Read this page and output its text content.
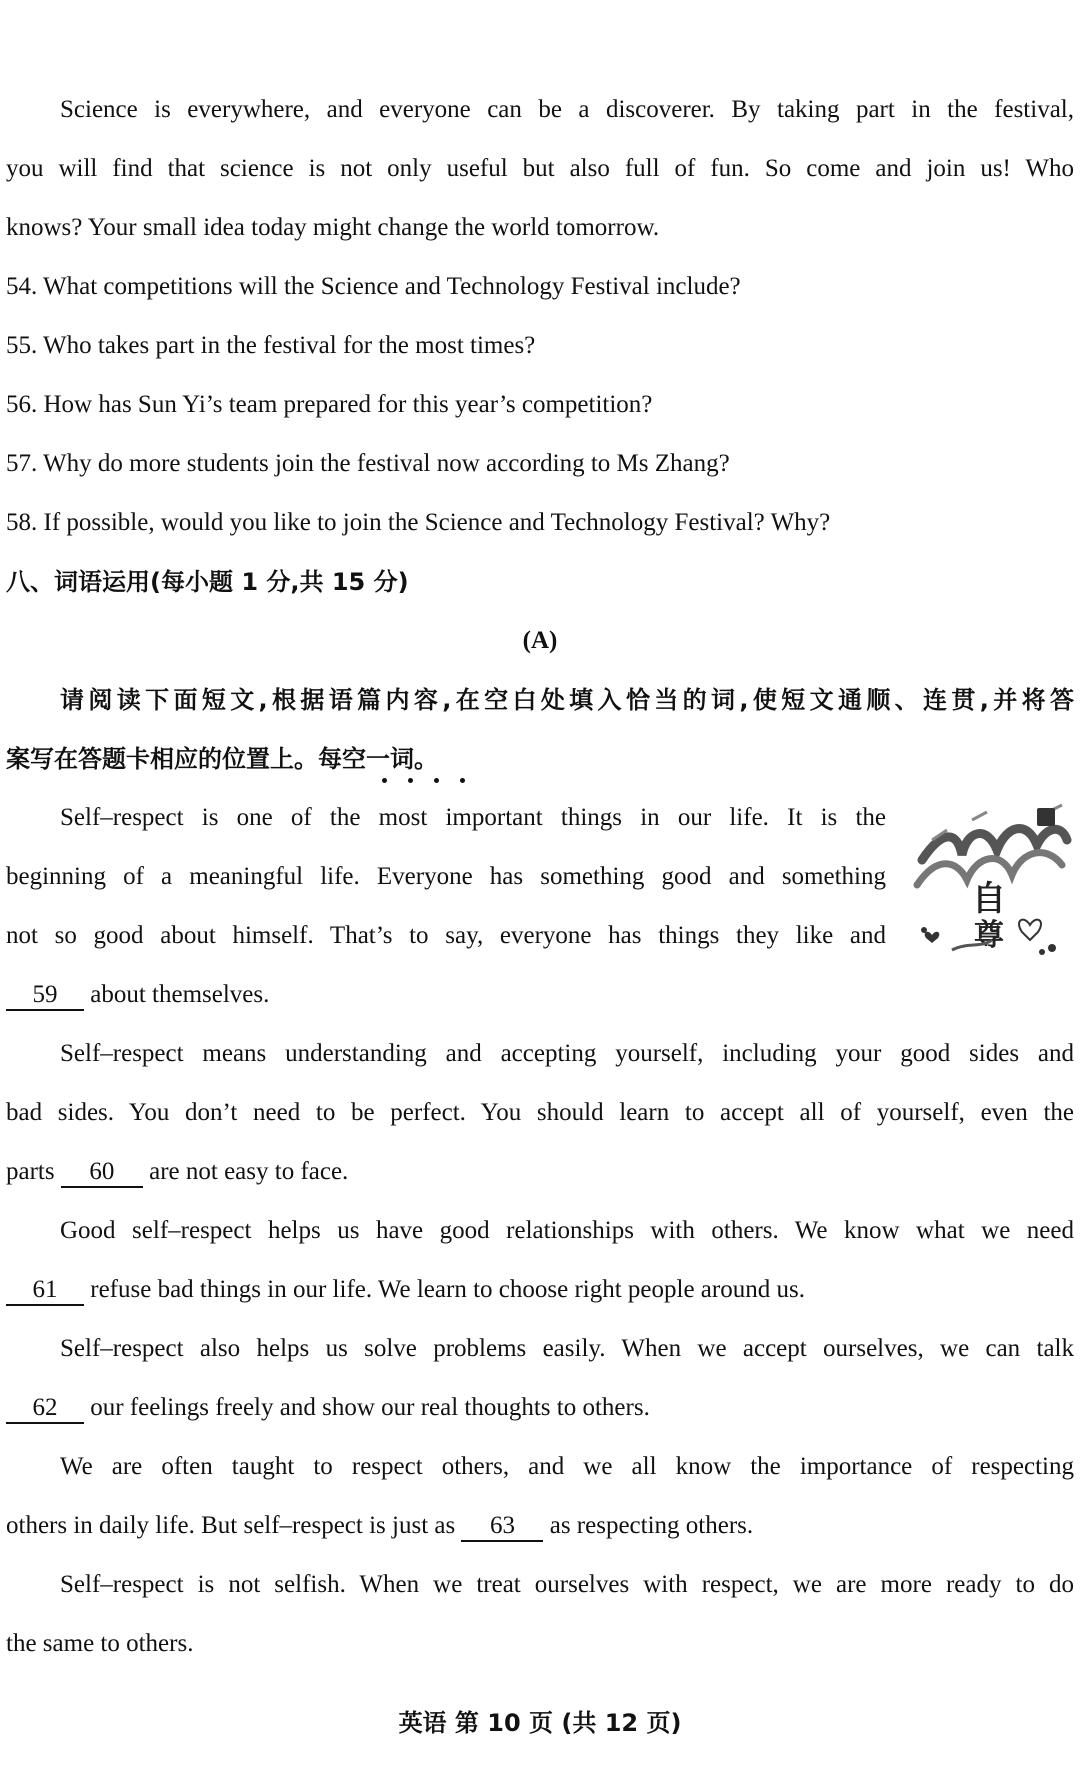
Science is everywhere, and everyone can be a discoverer. By taking part in the festival,
you will find that science is not only useful but also full of fun. So come and join us! Who
knows? Your small idea today might change the world tomorrow.
54. What competitions will the Science and Technology Festival include?
55. Who takes part in the festival for the most times?
56. How has Sun Yi’s team prepared for this year’s competition?
57. Why do more students join the festival now according to Ms Zhang?
58. If possible, would you like to join the Science and Technology Festival? Why?
八、词语运用(每小题 1 分,共 15 分)
(A)
请阅读下面短文,根据语篇内容,在空白处填入恰当的词,使短文通顺、连贯,并将答
案写在答题卡相应的位置上。每空一词。
自
尊
Self–respect is one of the most important things in our life. It is the
beginning of a meaningful life. Everyone has something good and something
not so good about himself. That’s to say, everyone has things they like and
59 about themselves.
Self–respect means understanding and accepting yourself, including your good sides and
bad sides. You don’t need to be perfect. You should learn to accept all of yourself, even the
parts 60 are not easy to face.
Good self–respect helps us have good relationships with others. We know what we need
61 refuse bad things in our life. We learn to choose right people around us.
Self–respect also helps us solve problems easily. When we accept ourselves, we can talk
62 our feelings freely and show our real thoughts to others.
We are often taught to respect others, and we all know the importance of respecting
others in daily life. But self–respect is just as 63 as respecting others.
Self–respect is not selfish. When we treat ourselves with respect, we are more ready to do
the same to others.
英语 第 10 页 (共 12 页)
